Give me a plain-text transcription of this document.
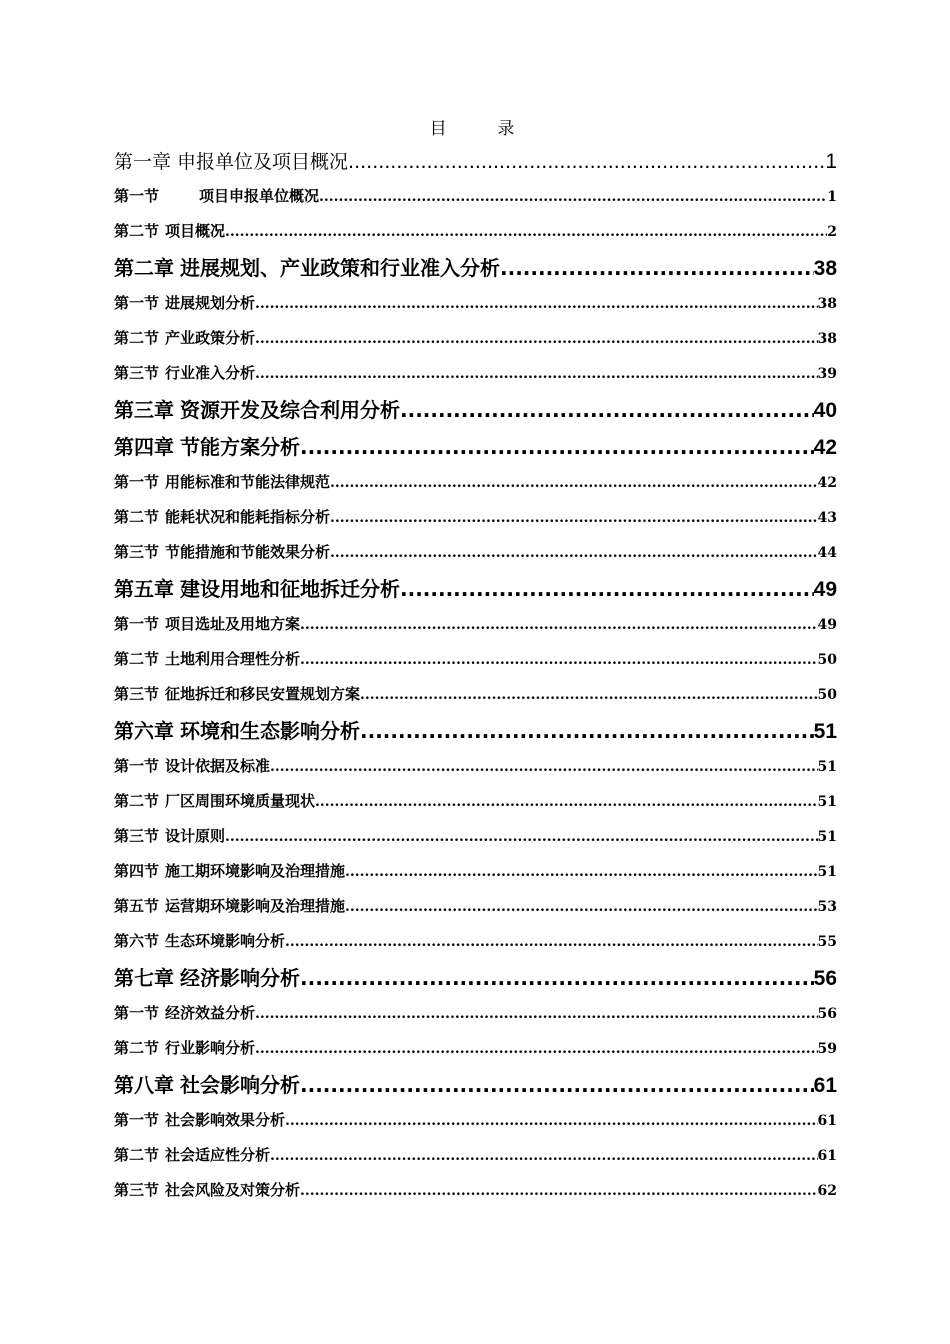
目	录
第一章 申报单位及项目概况 .....	1
第一节	项目申报单位概况 .....	1
第二节 项目概况 .....	2
第二章 进展规划、产业政策和行业准入分析 .....	38
第一节 进展规划分析 .....	38
第二节 产业政策分析 .....	38
第三节 行业准入分析 .....	39
第三章 资源开发及综合利用分析 .....	40
第四章 节能方案分析 .....	42
第一节 用能标准和节能法律规范 .....	42
第二节 能耗状况和能耗指标分析 .....	43
第三节 节能措施和节能效果分析 .....	44
第五章 建设用地和征地拆迁分析 .....	49
第一节 项目选址及用地方案 .....	49
第二节 土地利用合理性分析 .....	50
第三节 征地拆迁和移民安置规划方案 .....	50
第六章 环境和生态影响分析 .....	51
第一节 设计依据及标准 .....	51
第二节 厂区周围环境质量现状 .....	51
第三节 设计原则 .....	51
第四节 施工期环境影响及治理措施 .....	51
第五节 运营期环境影响及治理措施 .....	53
第六节 生态环境影响分析 .....	55
第七章 经济影响分析 .....	56
第一节 经济效益分析 .....	56
第二节 行业影响分析 .....	59
第八章 社会影响分析 .....	61
第一节 社会影响效果分析 .....	61
第二节 社会适应性分析 .....	61
第三节 社会风险及对策分析 .....	62
